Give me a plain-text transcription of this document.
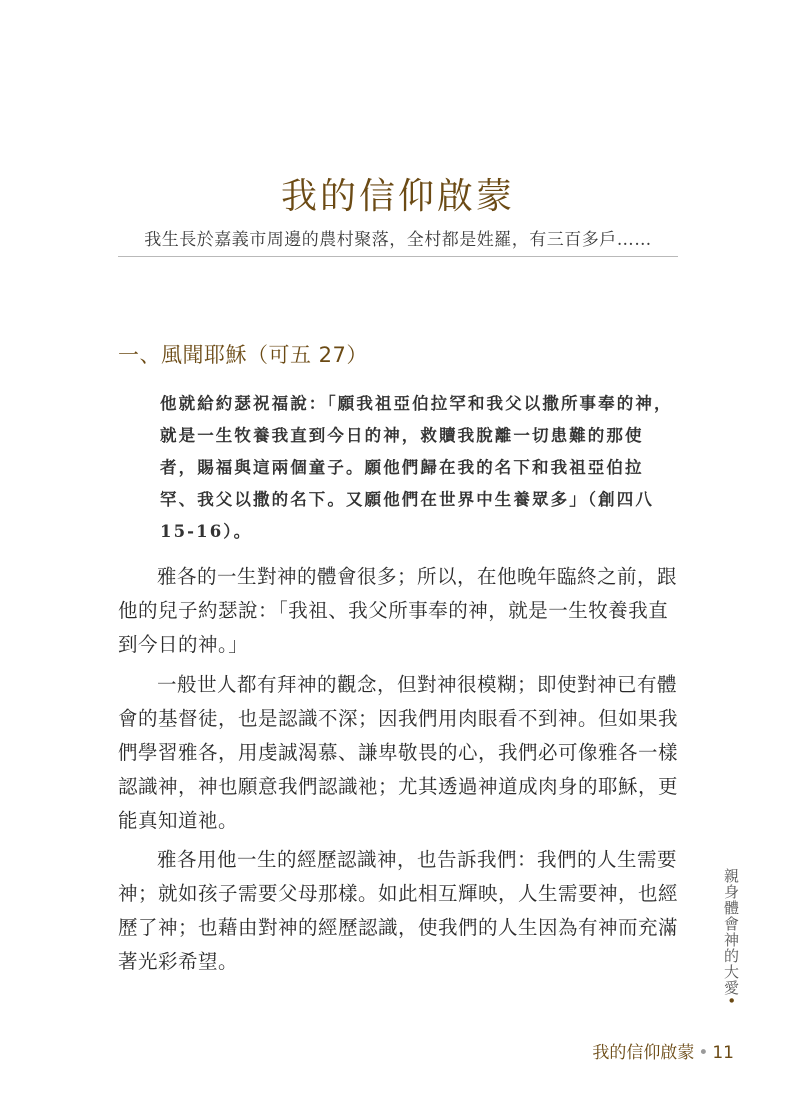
我的信仰啟蒙
我生長於嘉義市周邊的農村聚落，全村都是姓羅，有三百多戶……
一、風聞耶穌（可五 27）
他就給約瑟祝福說：「願我祖亞伯拉罕和我父以撒所事奉的神，就是一生牧養我直到今日的神，救贖我脫離一切患難的那使者，賜福與這兩個童子。願他們歸在我的名下和我祖亞伯拉罕、我父以撒的名下。又願他們在世界中生養眾多」（創四八 15-16）。

雅各的一生對神的體會很多；所以，在他晚年臨終之前，跟他的兒子約瑟說：「我祖、我父所事奉的神，就是一生牧養我直到今日的神。」

一般世人都有拜神的觀念，但對神很模糊；即使對神已有體會的基督徒，也是認識不深；因我們用肉眼看不到神。但如果我們學習雅各，用虔誠渴慕、謙卑敬畏的心，我們必可像雅各一樣認識神，神也願意我們認識祂；尤其透過神道成肉身的耶穌，更能真知道祂。

雅各用他一生的經歷認識神，也告訴我們：我們的人生需要神；就如孩子需要父母那樣。如此相互輝映，人生需要神，也經歷了神；也藉由對神的經歷認識，使我們的人生因為有神而充滿著光彩希望。	親身體會神的大愛•
我的信仰啟蒙 • 11
